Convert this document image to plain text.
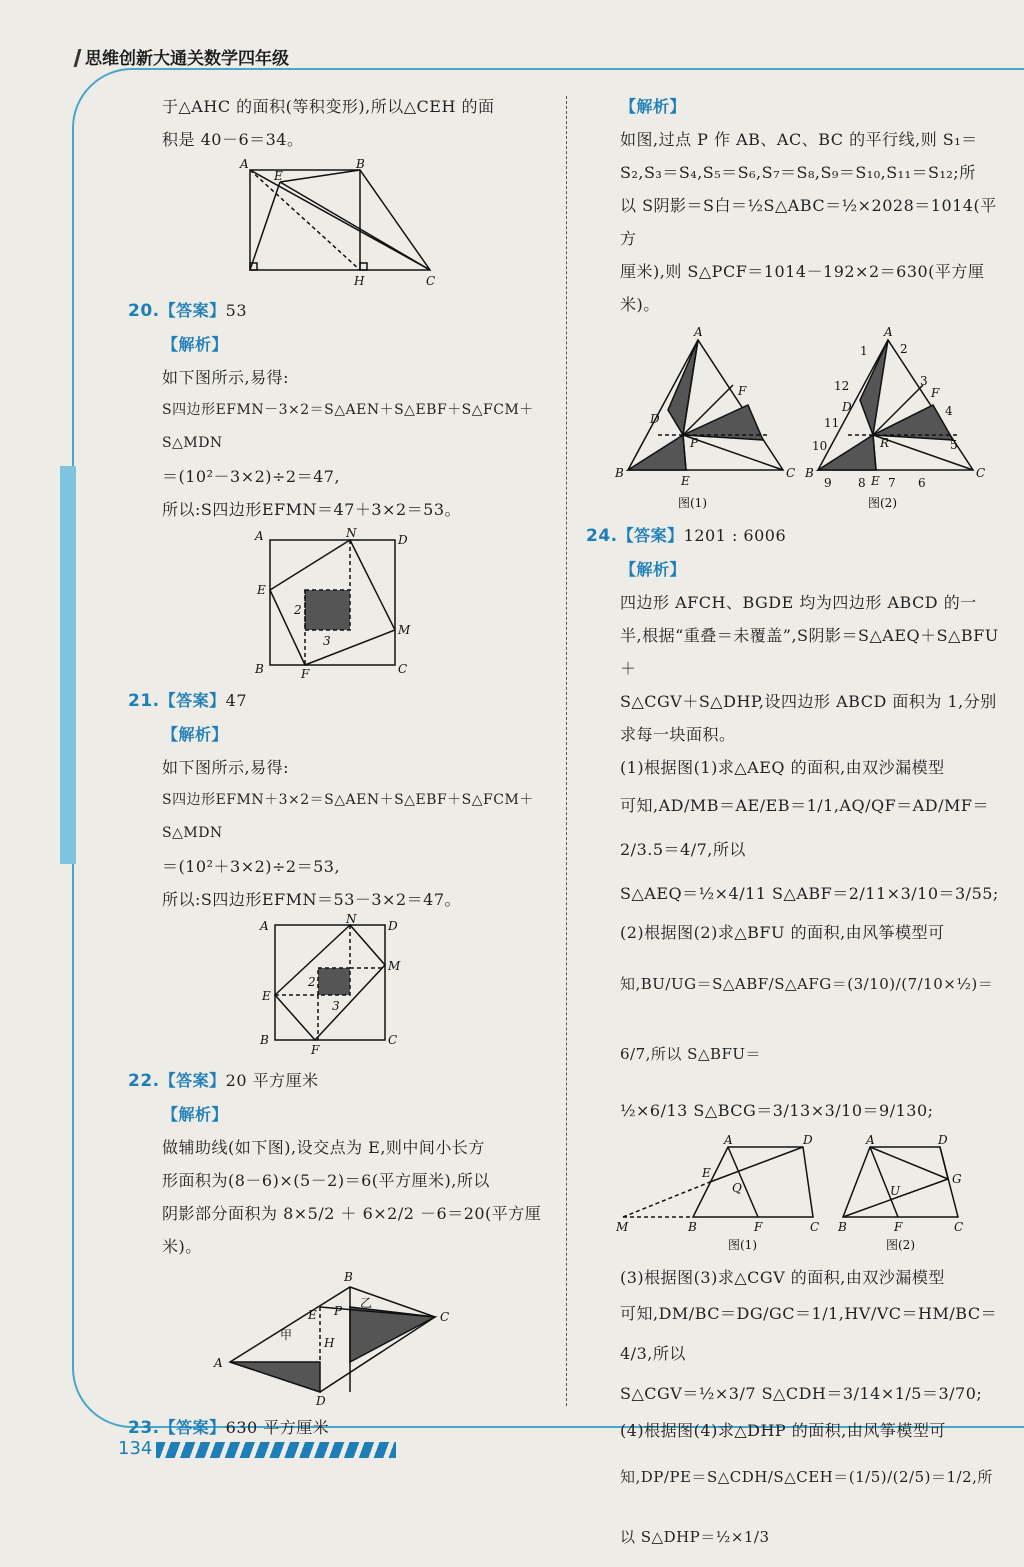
思维创新大通关数学四年级

于△AHC 的面积(等积变形),所以△CEH 的面

积是 40－6＝34。

A
E
B
H	C

20.【答案】53

【解析】

如下图所示,易得:

S四边形EFMN－3×2＝S△AEN＋S△EBF＋S△FCM＋S△MDN

＝(10²－3×2)÷2＝47,

所以:S四边形EFMN＝47＋3×2＝53。

A	N	D
E
2
M
3
B	F	C

21.【答案】47

【解析】

如下图所示,易得:

S四边形EFMN＋3×2＝S△AEN＋S△EBF＋S△FCM＋S△MDN

＝(10²＋3×2)÷2＝53,

所以:S四边形EFMN＝53－3×2＝47。

A	N	D
M
E
2
3
B
F
C

22.【答案】20 平方厘米

【解析】

做辅助线(如下图),设交点为 E,则中间小长方

形面积为(8－6)×(5－2)＝6(平方厘米),所以

阴影部分面积为 8×5/2 ＋ 6×2/2 －6＝20(平方厘

米)。

B
E P
乙
C
甲
H
A
D

23.【答案】630 平方厘米

【解析】

如图,过点 P 作 AB、AC、BC 的平行线,则 S₁＝

S₂,S₃＝S₄,S₅＝S₆,S₇＝S₈,S₉＝S₁₀,S₁₁＝S₁₂;所

以 S阴影＝S白＝½S△ABC＝½×2028＝1014(平方

厘米),则 S△PCF＝1014－192×2＝630(平方厘

米)。

A
F
D
P
B
E
C
A
1	2
12	3
F
D	4
11
R
10	5
B
9 8 E 7 6
C
图(1)	图(2)

24.【答案】1201 : 6006

【解析】

四边形 AFCH、BGDE 均为四边形 ABCD 的一

半,根据“重叠＝未覆盖”,S阴影＝S△AEQ＋S△BFU＋

S△CGV＋S△DHP,设四边形 ABCD 面积为 1,分别

求每一块面积。

(1)根据图(1)求△AEQ 的面积,由双沙漏模型

可知,AD/MB＝AE/EB＝1/1,AQ/QF＝AD/MF＝2/3.5＝4/7,所以

S△AEQ＝½×4/11 S△ABF＝2/11×3/10＝3/55;

(2)根据图(2)求△BFU 的面积,由风筝模型可

知,BU/UG＝S△ABF/S△AFG＝(3/10)/(7/10×½)＝6/7,所以 S△BFU＝

½×6/13 S△BCG＝3/13×3/10＝9/130;

A	D
E
Q
M	B	F	C
图(1)
A	D
G
U
B	F	C
图(2)

(3)根据图(3)求△CGV 的面积,由双沙漏模型

可知,DM/BC＝DG/GC＝1/1,HV/VC＝HM/BC＝4/3,所以

S△CGV＝½×3/7 S△CDH＝3/14×1/5＝3/70;

(4)根据图(4)求△DHP 的面积,由风筝模型可

知,DP/PE＝S△CDH/S△CEH＝(1/5)/(2/5)＝1/2,所以 S△DHP＝½×1/3

134
